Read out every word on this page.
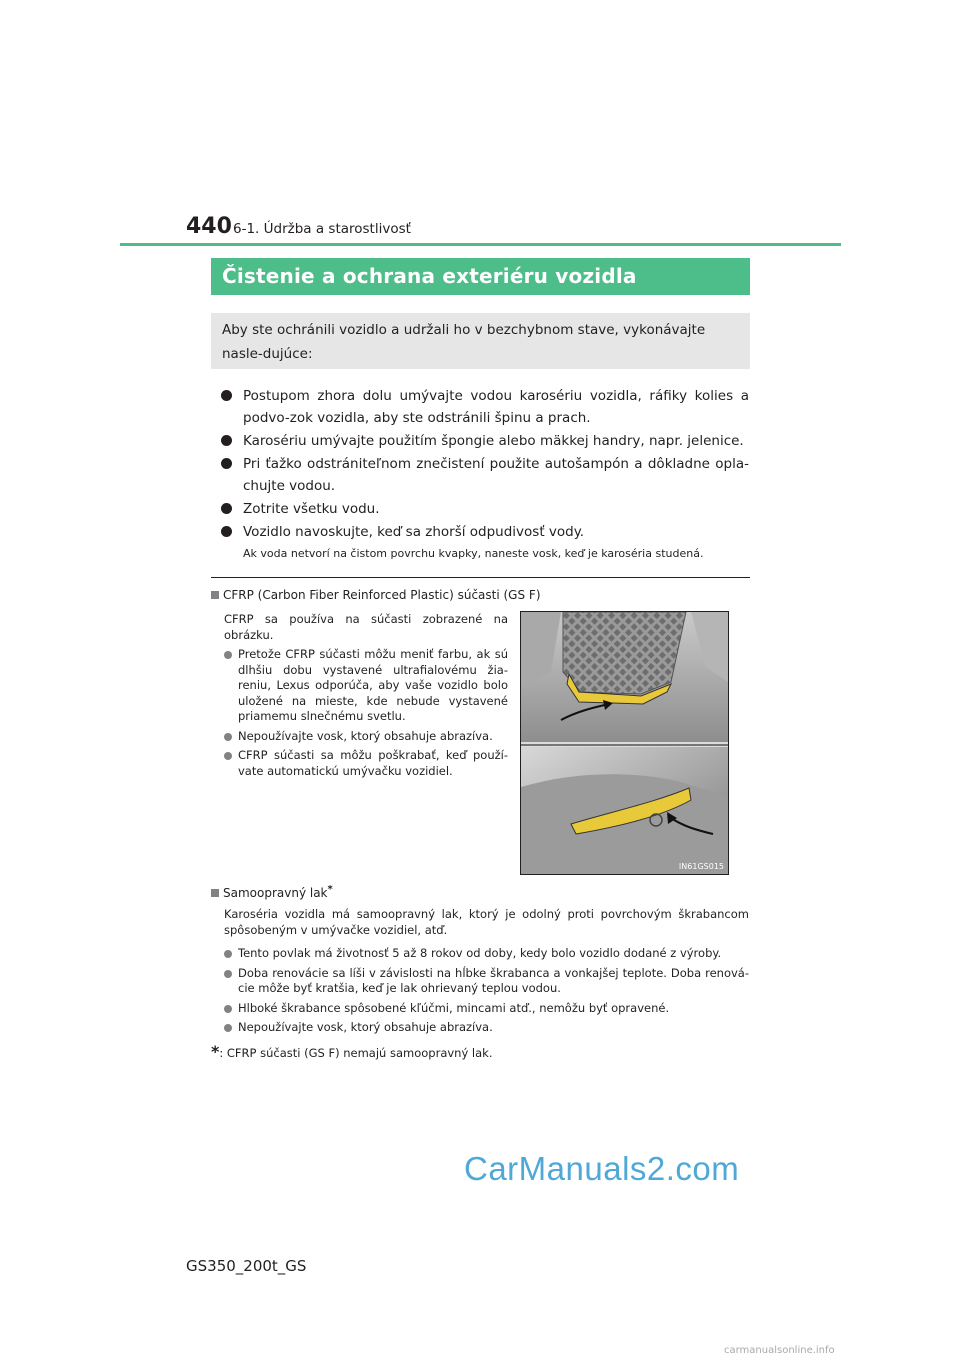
440 6-1. Údržba a starostlivosť
Čistenie a ochrana exteriéru vozidla
Aby ste ochránili vozidlo a udržali ho v bezchybnom stave, vykonávajte nasle-dujúce:
Postupom zhora dolu umývajte vodou karosériu vozidla, ráfiky kolies a podvo-zok vozidla, aby ste odstránili špinu a prach.
Karosériu umývajte použitím špongie alebo mäkkej handry, napr. jelenice.
Pri ťažko odstrániteľnom znečistení použite autošampón a dôkladne opla-chujte vodou.
Zotrite všetku vodu.
Vozidlo navoskujte, keď sa zhorší odpudivosť vody.
Ak voda netvorí na čistom povrchu kvapky, naneste vosk, keď je karoséria studená.
CFRP (Carbon Fiber Reinforced Plastic) súčasti (GS F)
CFRP sa používa na súčasti zobrazené na obrázku.
Pretože CFRP súčasti môžu meniť farbu, ak sú dlhšiu dobu vystavené ultrafialovému žia-reniu, Lexus odporúča, aby vaše vozidlo bolo uložené na mieste, kde nebude vystavené priamemu slnečnému svetlu.
Nepoužívajte vosk, ktorý obsahuje abrazíva.
CFRP súčasti sa môžu poškrabať, keď použí-vate automatickú umývačku vozidiel.
IN61GS015
Samoopravný lak*
Karoséria vozidla má samoopravný lak, ktorý je odolný proti povrchovým škrabancom spôsobeným v umývačke vozidiel, atď.
Tento povlak má životnosť 5 až 8 rokov od doby, kedy bolo vozidlo dodané z výroby.
Doba renovácie sa líši v závislosti na hĺbke škrabanca a vonkajšej teplote. Doba renová-cie môže byť kratšia, keď je lak ohrievaný teplou vodou.
Hlboké škrabance spôsobené kľúčmi, mincami atď., nemôžu byť opravené.
Nepoužívajte vosk, ktorý obsahuje abrazíva.
*: CFRP súčasti (GS F) nemajú samoopravný lak.
CarManuals2.com
GS350_200t_GS
carmanualsonline.info
